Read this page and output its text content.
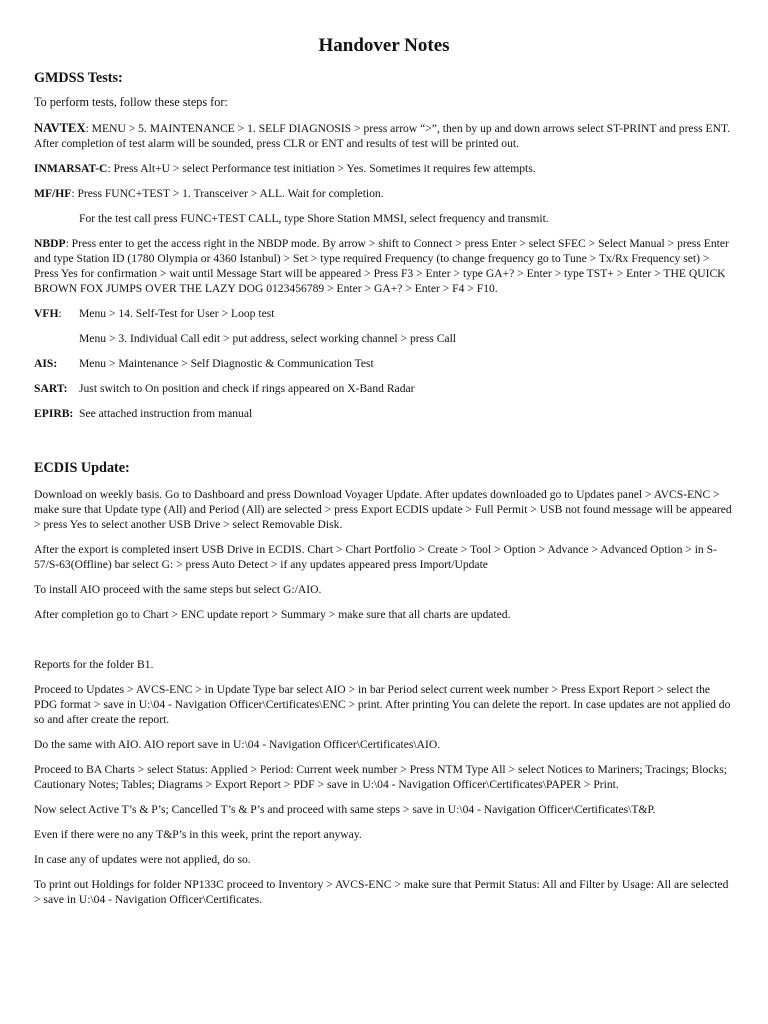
Handover Notes
GMDSS Tests:

To perform tests, follow these steps for:

NAVTEX: MENU > 5. MAINTENANCE > 1. SELF DIAGNOSIS > press arrow “>”, then by up and down arrows select ST-PRINT and press ENT. After completion of test alarm will be sounded, press CLR or ENT and results of test will be printed out.

INMARSAT-C: Press Alt+U > select Performance test initiation > Yes. Sometimes it requires few attempts.

MF/HF: Press FUNC+TEST > 1. Transceiver > ALL. Wait for completion.

For the test call press FUNC+TEST CALL, type Shore Station MMSI, select frequency and transmit.

NBDP: Press enter to get the access right in the NBDP mode. By arrow > shift to Connect > press Enter > select SFEC > Select Manual > press Enter and type Station ID (1780 Olympia or 4360 Istanbul) > Set > type required Frequency (to change frequency go to Tune > Tx/Rx Frequency set) > Press Yes for confirmation > wait until Message Start will be appeared > Press F3 > Enter > type GA+? > Enter > type TST+ > Enter > THE QUICK BROWN FOX JUMPS OVER THE LAZY DOG 0123456789 > Enter > GA+? > Enter > F4 > F10.

VFH:	Menu > 14. Self-Test for User > Loop test

Menu > 3. Individual Call edit > put address, select working channel > press Call

AIS:	Menu > Maintenance > Self Diagnostic & Communication Test
SART: Just switch to On position and check if rings appeared on X-Band Radar
EPIRB: See attached instruction from manual
ECDIS Update:

Download on weekly basis. Go to Dashboard and press Download Voyager Update. After updates downloaded go to Updates panel > AVCS-ENC > make sure that Update type (All) and Period (All) are selected > press Export ECDIS update > Full Permit > USB not found message will be appeared > press Yes to select another USB Drive > select Removable Disk.

After the export is completed insert USB Drive in ECDIS. Chart > Chart Portfolio > Create > Tool > Option > Advance > Advanced Option > in S-57/S-63(Offline) bar select G: > press Auto Detect > if any updates appeared press Import/Update

To install AIO proceed with the same steps but select G:/AIO.

After completion go to Chart > ENC update report > Summary > make sure that all charts are updated.

Reports for the folder B1.

Proceed to Updates > AVCS-ENC > in Update Type bar select AIO > in bar Period select current week number > Press Export Report > select the PDG format > save in U:\04 - Navigation Officer\Certificates\ENC > print. After printing You can delete the report. In case updates are not applied do so and after create the report.

Do the same with AIO. AIO report save in U:\04 - Navigation Officer\Certificates\AIO.

Proceed to BA Charts > select Status: Applied > Period: Current week number > Press NTM Type All > select Notices to Mariners; Tracings; Blocks; Cautionary Notes; Tables; Diagrams > Export Report > PDF > save in U:\04 - Navigation Officer\Certificates\PAPER > Print.

Now select Active T’s & P’s; Cancelled T’s & P’s and proceed with same steps > save in U:\04 - Navigation Officer\Certificates\T&P.

Even if there were no any T&P’s in this week, print the report anyway.

In case any of updates were not applied, do so.

To print out Holdings for folder NP133C proceed to Inventory > AVCS-ENC > make sure that Permit Status: All and Filter by Usage: All are selected > save in U:\04 - Navigation Officer\Certificates.
